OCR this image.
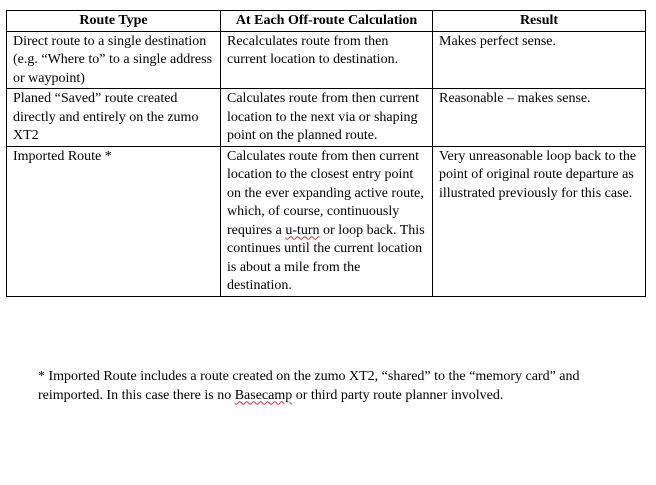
Route Type	At Each Off-route Calculation	Result
Direct route to a single destination (e.g. “Where to” to a single address or waypoint)	Recalculates route from then current location to destination.	Makes perfect sense.
Planed “Saved” route created directly and entirely on the zumo XT2	Calculates route from then current location to the next via or shaping point on the planned route.	Reasonable – makes sense.
Imported Route *	Calculates route from then current location to the closest entry point on the ever expanding active route, which, of course, continuously requires a u-turn or loop back. This continues until the current location is about a mile from the destination.	Very unreasonable loop back to the point of original route departure as illustrated previously for this case.
* Imported Route includes a route created on the zumo XT2, “shared” to the “memory card” and reimported. In this case there is no Basecamp or third party route planner involved.
